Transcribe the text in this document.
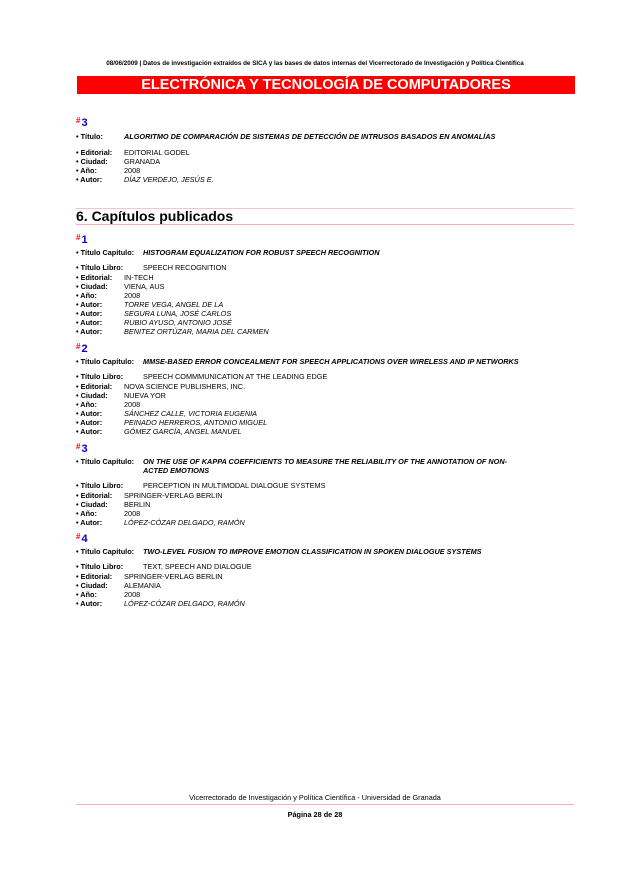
08/06/2009 | Datos de investigación extraídos de SICA y las bases de datos internas del Vicerrectorado de Investigación y Política Científica
ELECTRÓNICA Y TECNOLOGÍA DE COMPUTADORES
#3
• Título:	ALGORITMO DE COMPARACIÓN DE SISTEMAS DE DETECCIÓN DE INTRUSOS BASADOS EN ANOMALÍAS
• Editorial: EDITORIAL GODEL
• Ciudad: GRANADA
• Año:	2008
• Autor:	DÍAZ VERDEJO, JESÚS E.
6. Capítulos publicados
#1
• Título Capítulo: HISTOGRAM EQUALIZATION FOR ROBUST SPEECH RECOGNITION
• Título Libro:	SPEECH RECOGNITION
• Editorial: IN-TECH
• Ciudad: VIENA, AUS
• Año:	2008
• Autor:	TORRE VEGA, ANGEL DE LA
• Autor:	SEGURA LUNA, JOSÉ CARLOS
• Autor:	RUBIO AYUSO, ANTONIO JOSÉ
• Autor:	BENITEZ ORTÚZAR, MARIA DEL CARMEN
#2
• Título Capítulo: MMSE-BASED ERROR CONCEALMENT FOR SPEECH APPLICATIONS OVER WIRELESS AND IP NETWORKS
• Título Libro:	SPEECH COMMMUNICATION AT THE LEADING EDGE
• Editorial: NOVA SCIENCE PUBLISHERS, INC.
• Ciudad: NUEVA YOR
• Año:	2008
• Autor:	SÁNCHEZ CALLE, VICTORIA EUGENIA
• Autor:	PEINADO HERREROS, ANTONIO MIGUEL
• Autor:	GÓMEZ GARCÍA, ANGEL MANUEL
#3
• Título Capítulo: ON THE USE OF KAPPA COEFFICIENTS TO MEASURE THE RELIABILITY OF THE ANNOTATION OF NON-
ACTED EMOTIONS
• Título Libro:	PERCEPTION IN MULTIMODAL DIALOGUE SYSTEMS
• Editorial: SPRINGER-VERLAG BERLIN
• Ciudad: BERLIN
• Año:	2008
• Autor:	LÓPEZ-CÓZAR DELGADO, RAMÓN
#4
• Título Capítulo: TWO-LEVEL FUSION TO IMPROVE EMOTION CLASSIFICATION IN SPOKEN DIALOGUE SYSTEMS
• Título Libro:	TEXT, SPEECH AND DIALOGUE
• Editorial: SPRINGER-VERLAG BERLIN
• Ciudad: ALEMANIA
• Año:	2008
• Autor:	LÓPEZ-CÓZAR DELGADO, RAMÓN
Vicerrectorado de Investigación y Política Científica - Universidad de Granada
Página 28 de 28
